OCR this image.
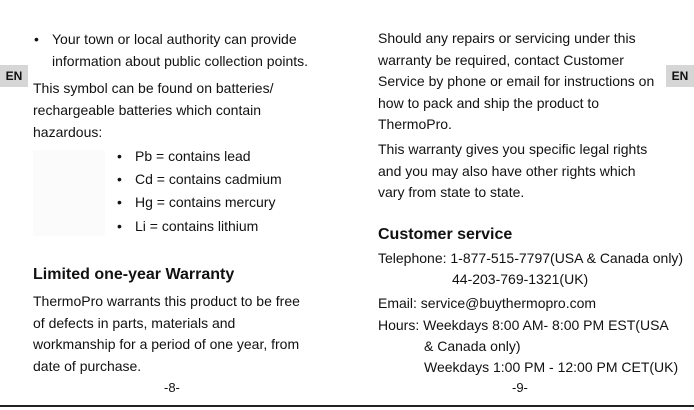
EN
• Your town or local authority can provide
information about public collection points.
This symbol can be found on batteries/
rechargeable batteries which contain
hazardous:
• Pb = contains lead
• Cd = contains cadmium
• Hg = contains mercury
• Li = contains lithium
Limited one-year Warranty
ThermoPro warrants this product to be free
of defects in parts, materials and
workmanship for a period of one year, from
date of purchase.
-8-
EN
Should any repairs or servicing under this
warranty be required, contact Customer
Service by phone or email for instructions on
how to pack and ship the product to
ThermoPro.
This warranty gives you specific legal rights
and you may also have other rights which
vary from state to state.
Customer service
Telephone: 1-877-515-7797(USA & Canada only)
44-203-769-1321(UK)
Email: service@buythermopro.com
Hours: Weekdays 8:00 AM- 8:00 PM EST(USA
& Canada only)
Weekdays 1:00 PM - 12:00 PM CET(UK)
-9-
